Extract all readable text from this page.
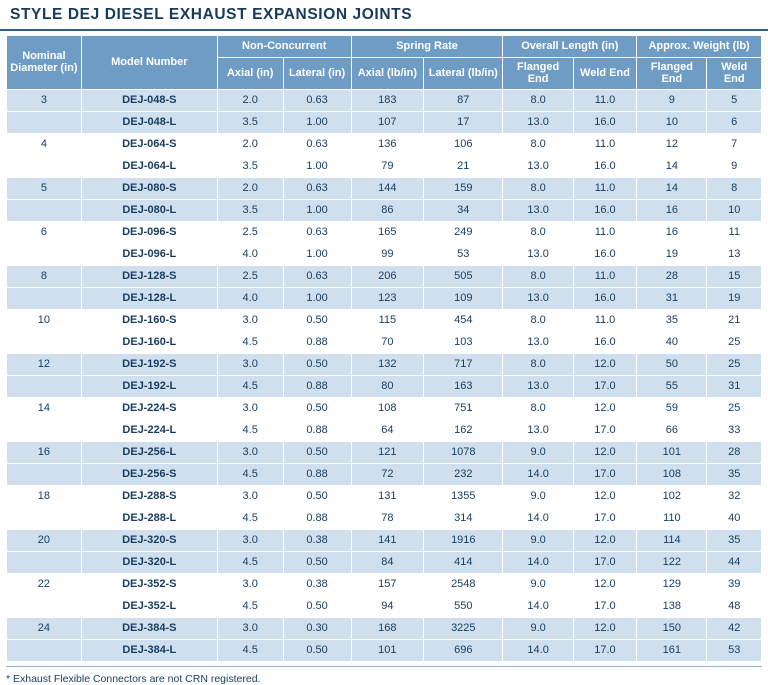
STYLE DEJ DIESEL EXHAUST EXPANSION JOINTS
Nominal Diameter (in)	Model Number	Non-Concurrent		Spring Rate		Overall Length (in)		Approx. Weight (lb)	
		Axial (in)	Lateral (in)	Axial (lb/in)	Lateral (lb/in)	Flanged End	Weld End	Flanged End	Weld End
3	DEJ-048-S	2.0	0.63	183	87	8.0	11.0	9	5
	DEJ-048-L	3.5	1.00	107	17	13.0	16.0	10	6
4	DEJ-064-S	2.0	0.63	136	106	8.0	11.0	12	7
	DEJ-064-L	3.5	1.00	79	21	13.0	16.0	14	9
5	DEJ-080-S	2.0	0.63	144	159	8.0	11.0	14	8
	DEJ-080-L	3.5	1.00	86	34	13.0	16.0	16	10
6	DEJ-096-S	2.5	0.63	165	249	8.0	11.0	16	11
	DEJ-096-L	4.0	1.00	99	53	13.0	16.0	19	13
8	DEJ-128-S	2.5	0.63	206	505	8.0	11.0	28	15
	DEJ-128-L	4.0	1.00	123	109	13.0	16.0	31	19
10	DEJ-160-S	3.0	0.50	115	454	8.0	11.0	35	21
	DEJ-160-L	4.5	0.88	70	103	13.0	16.0	40	25
12	DEJ-192-S	3.0	0.50	132	717	8.0	12.0	50	25
	DEJ-192-L	4.5	0.88	80	163	13.0	17.0	55	31
14	DEJ-224-S	3.0	0.50	108	751	8.0	12.0	59	25
	DEJ-224-L	4.5	0.88	64	162	13.0	17.0	66	33
16	DEJ-256-L	3.0	0.50	121	1078	9.0	12.0	101	28
	DEJ-256-S	4.5	0.88	72	232	14.0	17.0	108	35
18	DEJ-288-S	3.0	0.50	131	1355	9.0	12.0	102	32
	DEJ-288-L	4.5	0.88	78	314	14.0	17.0	110	40
20	DEJ-320-S	3.0	0.38	141	1916	9.0	12.0	114	35
	DEJ-320-L	4.5	0.50	84	414	14.0	17.0	122	44
22	DEJ-352-S	3.0	0.38	157	2548	9.0	12.0	129	39
	DEJ-352-L	4.5	0.50	94	550	14.0	17.0	138	48
24	DEJ-384-S	3.0	0.30	168	3225	9.0	12.0	150	42
	DEJ-384-L	4.5	0.50	101	696	14.0	17.0	161	53
* Exhaust Flexible Connectors are not CRN registered.
